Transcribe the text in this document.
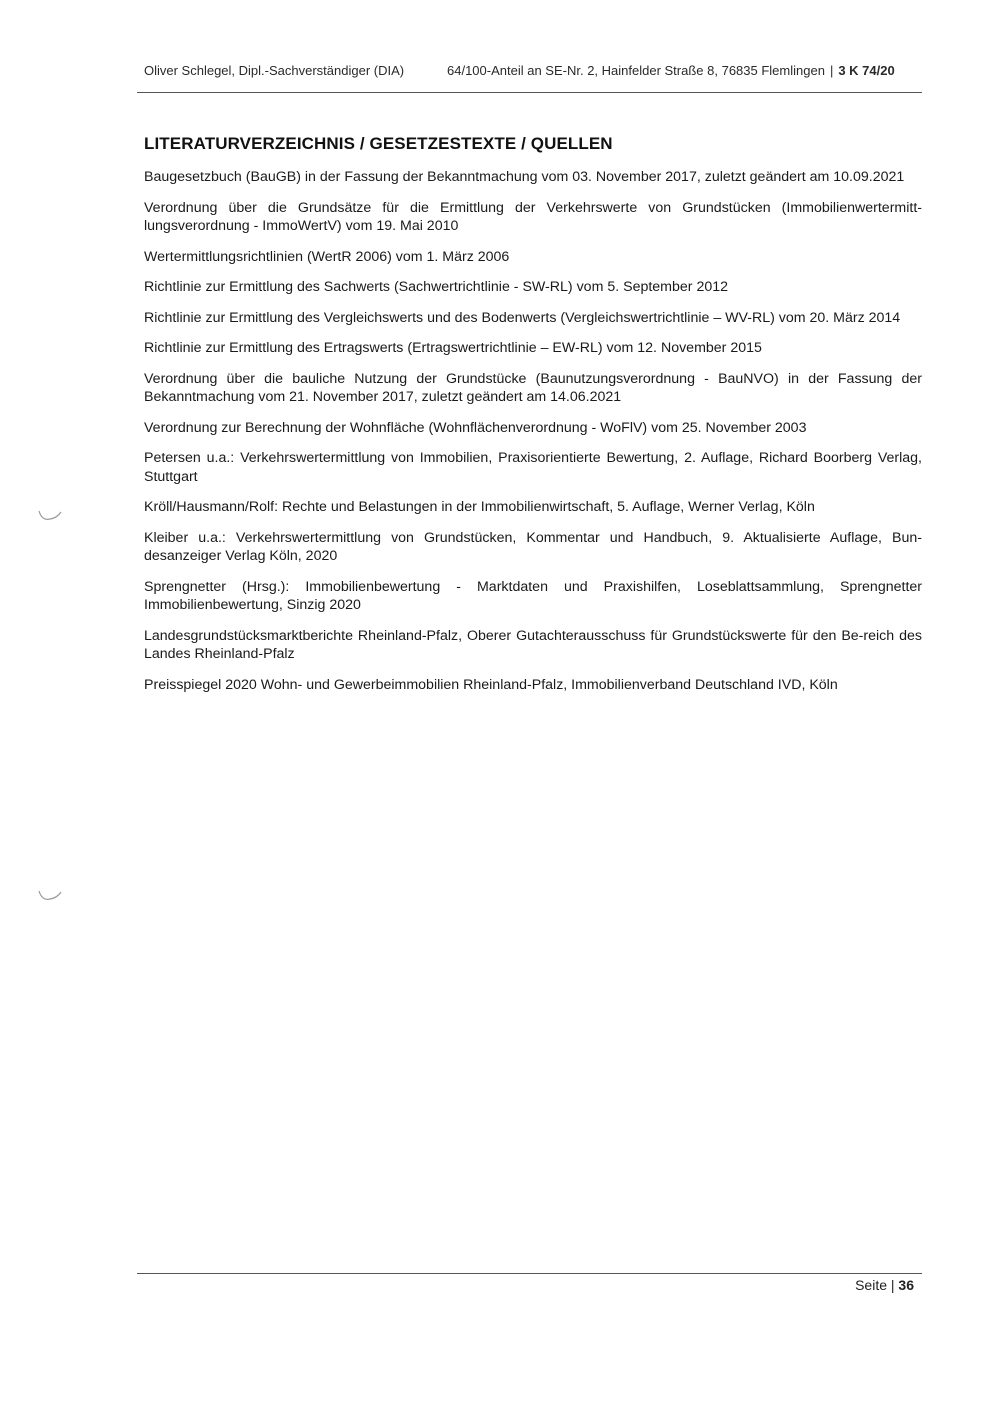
Oliver Schlegel, Dipl.-Sachverständiger (DIA)	64/100-Anteil an SE-Nr. 2, Hainfelder Straße 8, 76835 Flemlingen | 3 K 74/20
LITERATURVERZEICHNIS / GESETZESTEXTE / QUELLEN
Baugesetzbuch (BauGB) in der Fassung der Bekanntmachung vom 03. November 2017, zuletzt geändert am 10.09.2021
Verordnung über die Grundsätze für die Ermittlung der Verkehrswerte von Grundstücken (Immobilienwertermitt-lungsverordnung - ImmoWertV) vom 19. Mai 2010
Wertermittlungsrichtlinien (WertR 2006) vom 1. März 2006
Richtlinie zur Ermittlung des Sachwerts (Sachwertrichtlinie - SW-RL) vom 5. September 2012
Richtlinie zur Ermittlung des Vergleichswerts und des Bodenwerts (Vergleichswertrichtlinie – WV-RL) vom 20. März 2014
Richtlinie zur Ermittlung des Ertragswerts (Ertragswertrichtlinie – EW-RL) vom 12. November 2015
Verordnung über die bauliche Nutzung der Grundstücke (Baunutzungsverordnung - BauNVO) in der Fassung der Bekanntmachung vom 21. November 2017, zuletzt geändert am 14.06.2021
Verordnung zur Berechnung der Wohnfläche (Wohnflächenverordnung - WoFlV) vom 25. November 2003
Petersen u.a.: Verkehrswertermittlung von Immobilien, Praxisorientierte Bewertung, 2. Auflage, Richard Boorberg Verlag, Stuttgart
Kröll/Hausmann/Rolf: Rechte und Belastungen in der Immobilienwirtschaft, 5. Auflage, Werner Verlag, Köln
Kleiber u.a.: Verkehrswertermittlung von Grundstücken, Kommentar und Handbuch, 9. Aktualisierte Auflage, Bun-desanzeiger Verlag Köln, 2020
Sprengnetter (Hrsg.): Immobilienbewertung - Marktdaten und Praxishilfen, Loseblattsammlung, Sprengnetter Immobilienbewertung, Sinzig 2020
Landesgrundstücksmarktberichte Rheinland-Pfalz, Oberer Gutachterausschuss für Grundstückswerte für den Be-reich des Landes Rheinland-Pfalz
Preisspiegel 2020 Wohn- und Gewerbeimmobilien Rheinland-Pfalz, Immobilienverband Deutschland IVD, Köln
Seite | 36
